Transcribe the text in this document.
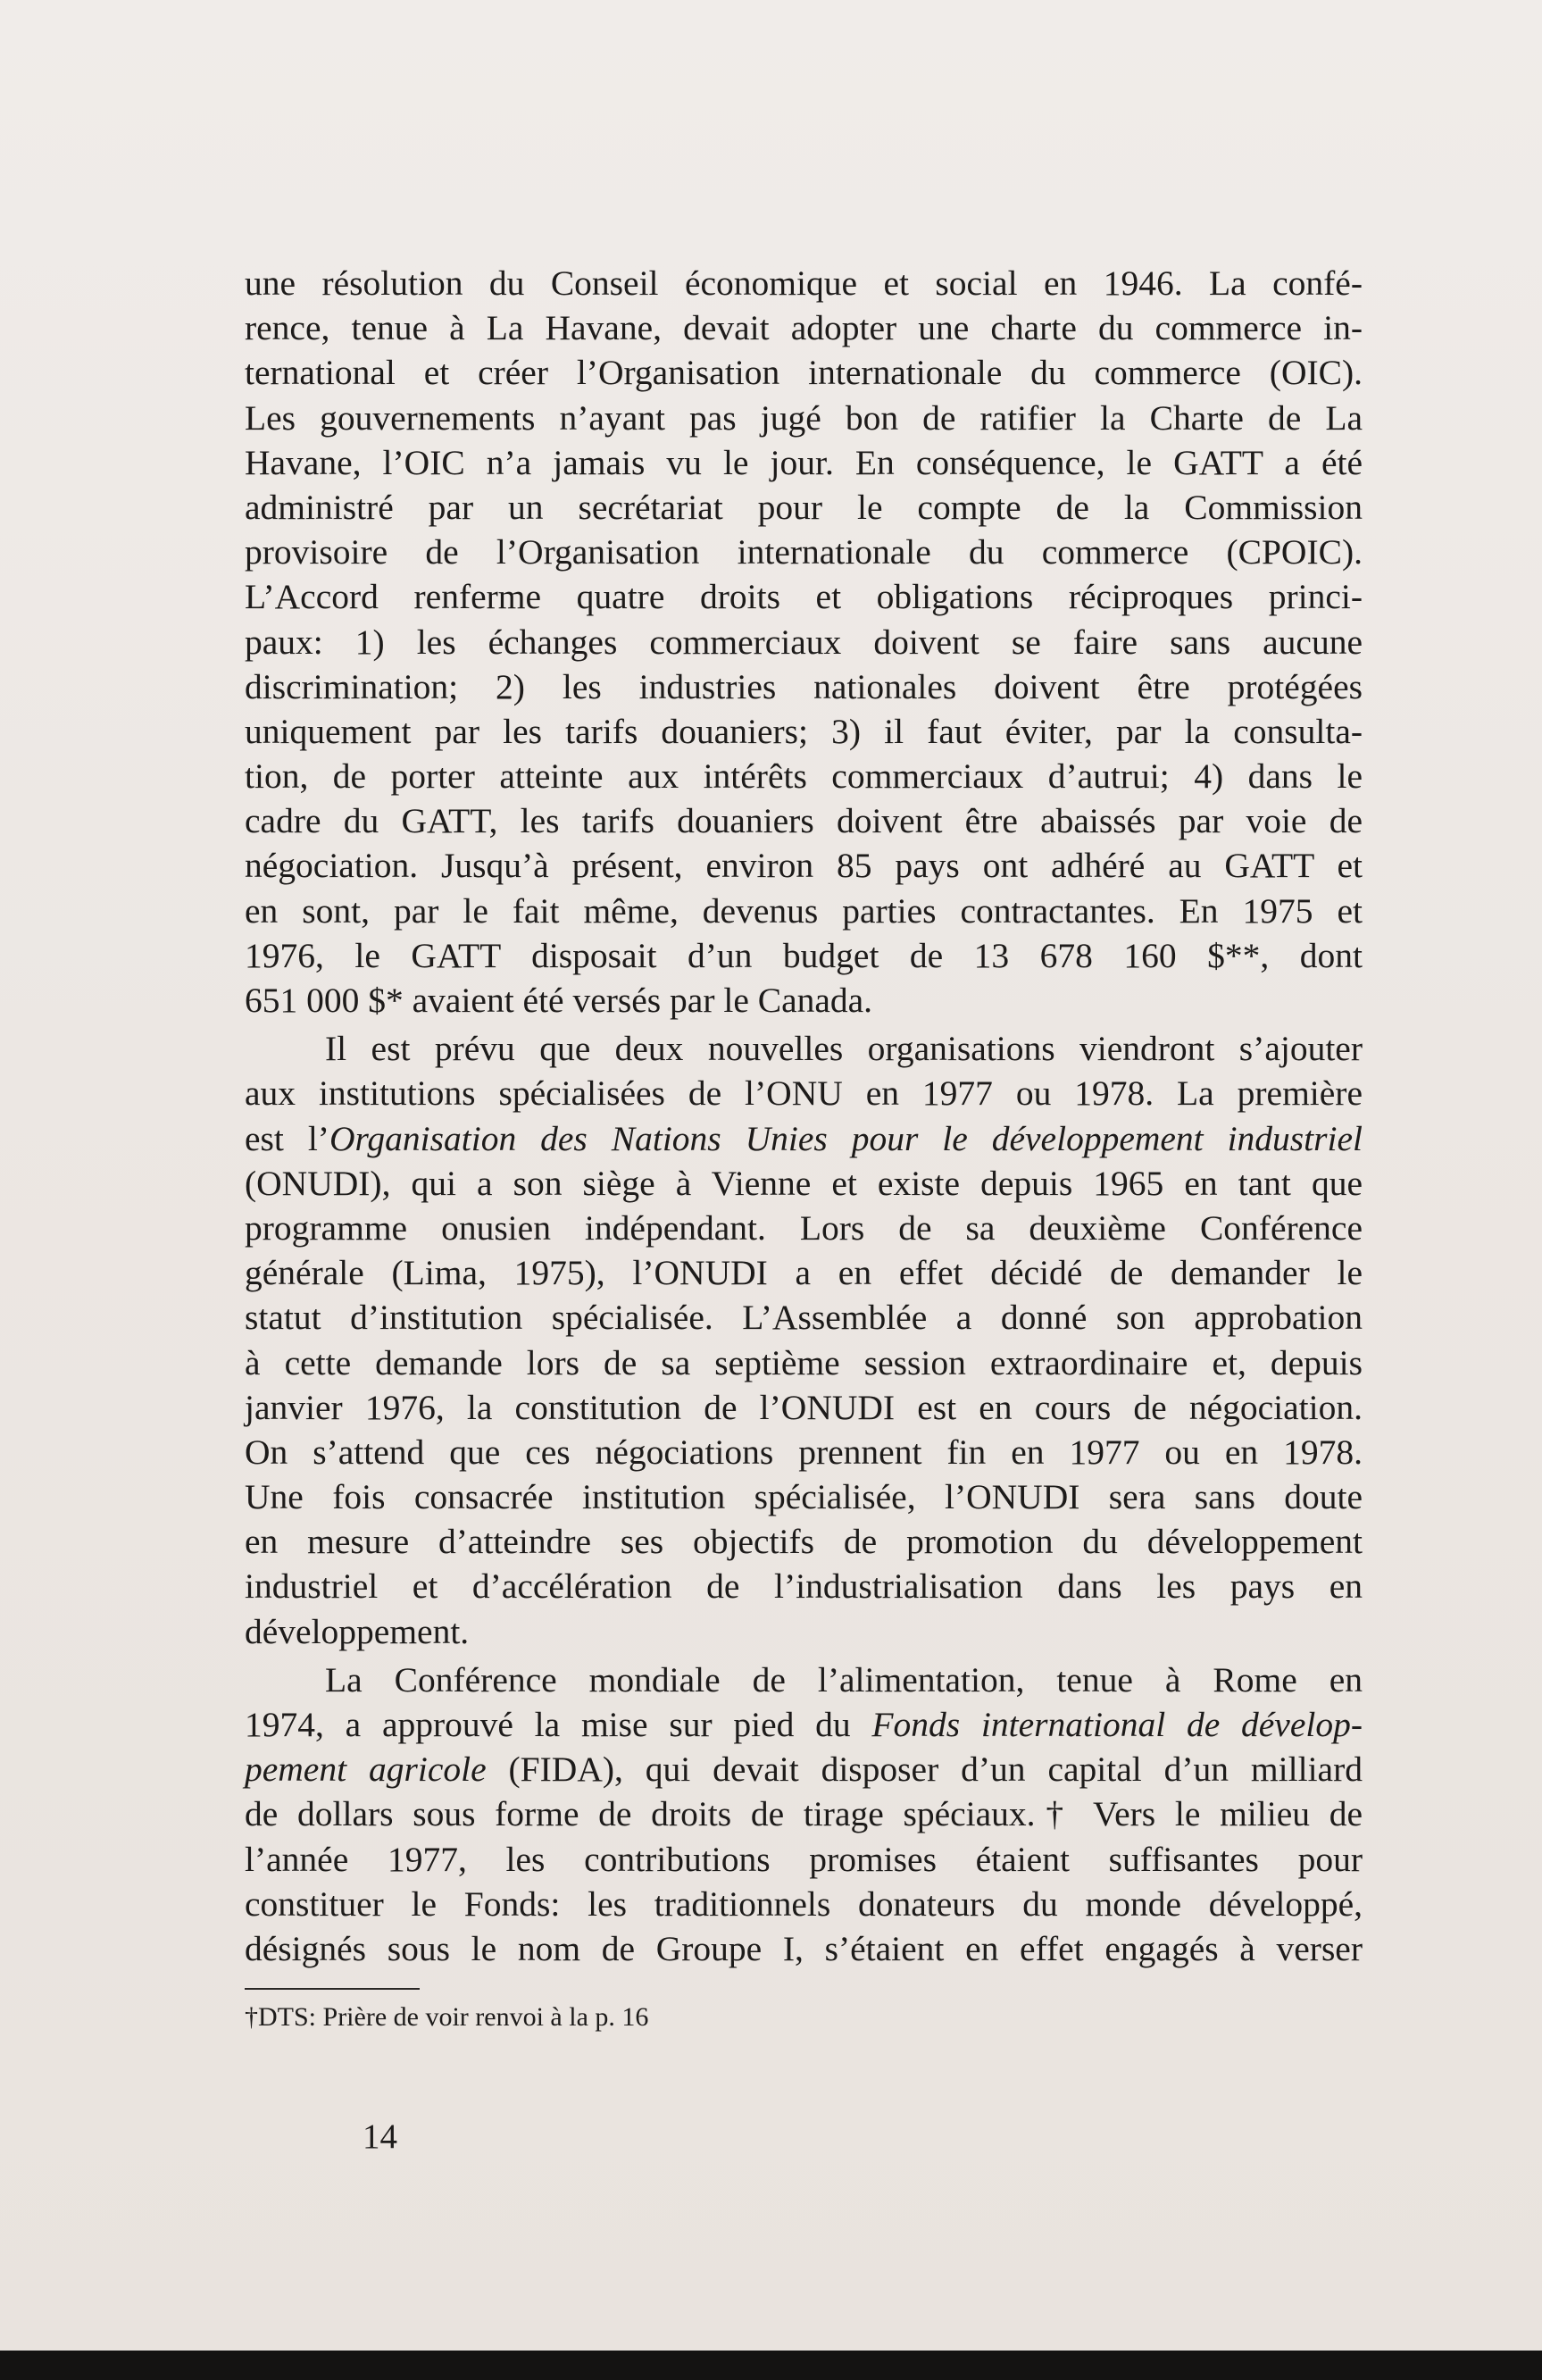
une résolution du Conseil économique et social en 1946. La confé-
rence, tenue à La Havane, devait adopter une charte du commerce in-
ternational et créer l’Organisation internationale du commerce (OIC).
Les gouvernements n’ayant pas jugé bon de ratifier la Charte de La
Havane, l’OIC n’a jamais vu le jour. En conséquence, le GATT a été
administré par un secrétariat pour le compte de la Commission
provisoire de l’Organisation internationale du commerce (CPOIC).
L’Accord renferme quatre droits et obligations réciproques princi-
paux: 1) les échanges commerciaux doivent se faire sans aucune
discrimination; 2) les industries nationales doivent être protégées
uniquement par les tarifs douaniers; 3) il faut éviter, par la consulta-
tion, de porter atteinte aux intérêts commerciaux d’autrui; 4) dans le
cadre du GATT, les tarifs douaniers doivent être abaissés par voie de
négociation. Jusqu’à présent, environ 85 pays ont adhéré au GATT et
en sont, par le fait même, devenus parties contractantes. En 1975 et
1976, le GATT disposait d’un budget de 13 678 160 $**, dont
651 000 $* avaient été versés par le Canada.
Il est prévu que deux nouvelles organisations viendront s’ajouter
aux institutions spécialisées de l’ONU en 1977 ou 1978. La première
est l’Organisation des Nations Unies pour le développement industriel
(ONUDI), qui a son siège à Vienne et existe depuis 1965 en tant que
programme onusien indépendant. Lors de sa deuxième Conférence
générale (Lima, 1975), l’ONUDI a en effet décidé de demander le
statut d’institution spécialisée. L’Assemblée a donné son approbation
à cette demande lors de sa septième session extraordinaire et, depuis
janvier 1976, la constitution de l’ONUDI est en cours de négociation.
On s’attend que ces négociations prennent fin en 1977 ou en 1978.
Une fois consacrée institution spécialisée, l’ONUDI sera sans doute
en mesure d’atteindre ses objectifs de promotion du développement
industriel et d’accélération de l’industrialisation dans les pays en
développement.
La Conférence mondiale de l’alimentation, tenue à Rome en
1974, a approuvé la mise sur pied du Fonds international de dévelop-
pement agricole (FIDA), qui devait disposer d’un capital d’un milliard
de dollars sous forme de droits de tirage spéciaux.† Vers le milieu de
l’année 1977, les contributions promises étaient suffisantes pour
constituer le Fonds: les traditionnels donateurs du monde développé,
désignés sous le nom de Groupe I, s’étaient en effet engagés à verser
†DTS: Prière de voir renvoi à la p. 16
14
